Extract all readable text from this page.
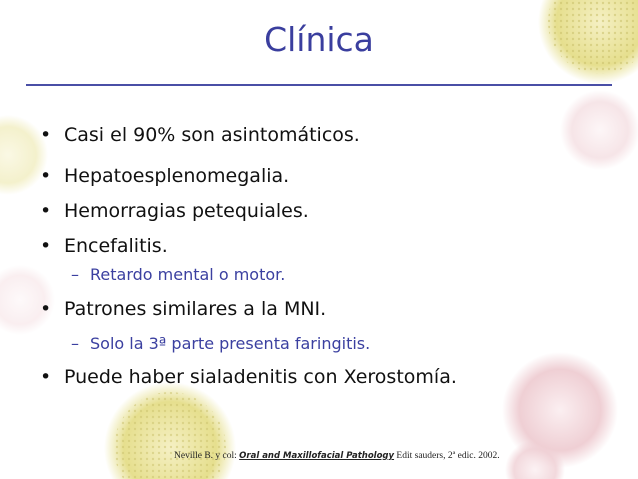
Clínica
• Casi el 90% son asintomáticos.
• Hepatoesplenomegalia.
• Hemorragias petequiales.
• Encefalitis.
– Retardo mental o motor.
• Patrones similares a la MNI.
– Solo la 3ª parte presenta faringitis.
• Puede haber sialadenitis con Xerostomía.
Neville B. y col: Oral and Maxillofacial Pathology Edit sauders, 2ª edic. 2002.
